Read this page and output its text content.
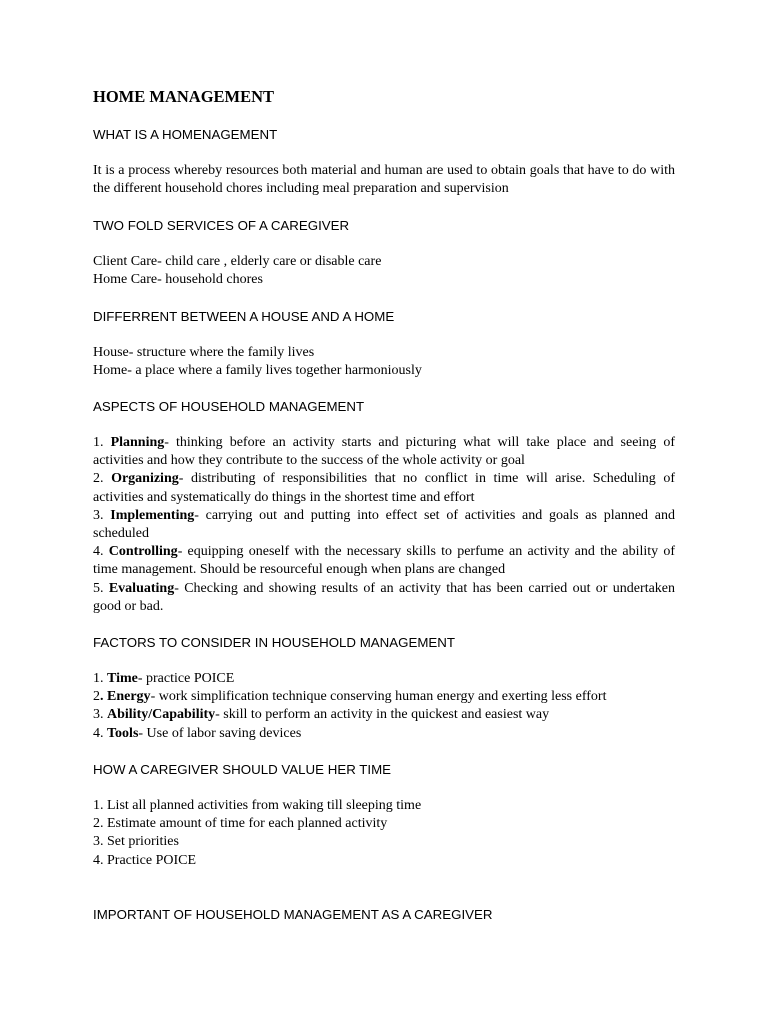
HOME MANAGEMENT
WHAT IS A HOMENAGEMENT

It is a process whereby resources both material and human are used to obtain goals that have to do with the different household chores including meal preparation and supervision

TWO FOLD SERVICES OF A CAREGIVER
Client Care- child care , elderly care or disable care
Home Care- household chores
DIFFERRENT BETWEEN A HOUSE AND A HOME
House- structure where the family lives
Home- a place where a family lives together harmoniously
ASPECTS OF HOUSEHOLD MANAGEMENT
1. Planning- thinking before an activity starts and picturing what will take place and seeing of activities and how they contribute to the success of the whole activity or goal
2. Organizing- distributing of responsibilities that no conflict in time will arise. Scheduling of activities and systematically do things in the shortest time and effort
3. Implementing- carrying out and putting into effect set of activities and goals as planned and scheduled
4. Controlling- equipping oneself with the necessary skills to perfume an activity and the ability of time management. Should be resourceful enough when plans are changed
5. Evaluating- Checking and showing results of an activity that has been carried out or undertaken good or bad.
FACTORS TO CONSIDER IN HOUSEHOLD MANAGEMENT
1. Time- practice POICE
2. Energy- work simplification technique conserving human energy and exerting less effort
3. Ability/Capability- skill to perform an activity in the quickest and easiest way
4. Tools- Use of labor saving devices
HOW A CAREGIVER SHOULD VALUE HER TIME
1. List all planned activities from waking till sleeping time
2. Estimate amount of time for each planned activity
3. Set priorities
4. Practice POICE
IMPORTANT OF HOUSEHOLD MANAGEMENT AS A CAREGIVER
